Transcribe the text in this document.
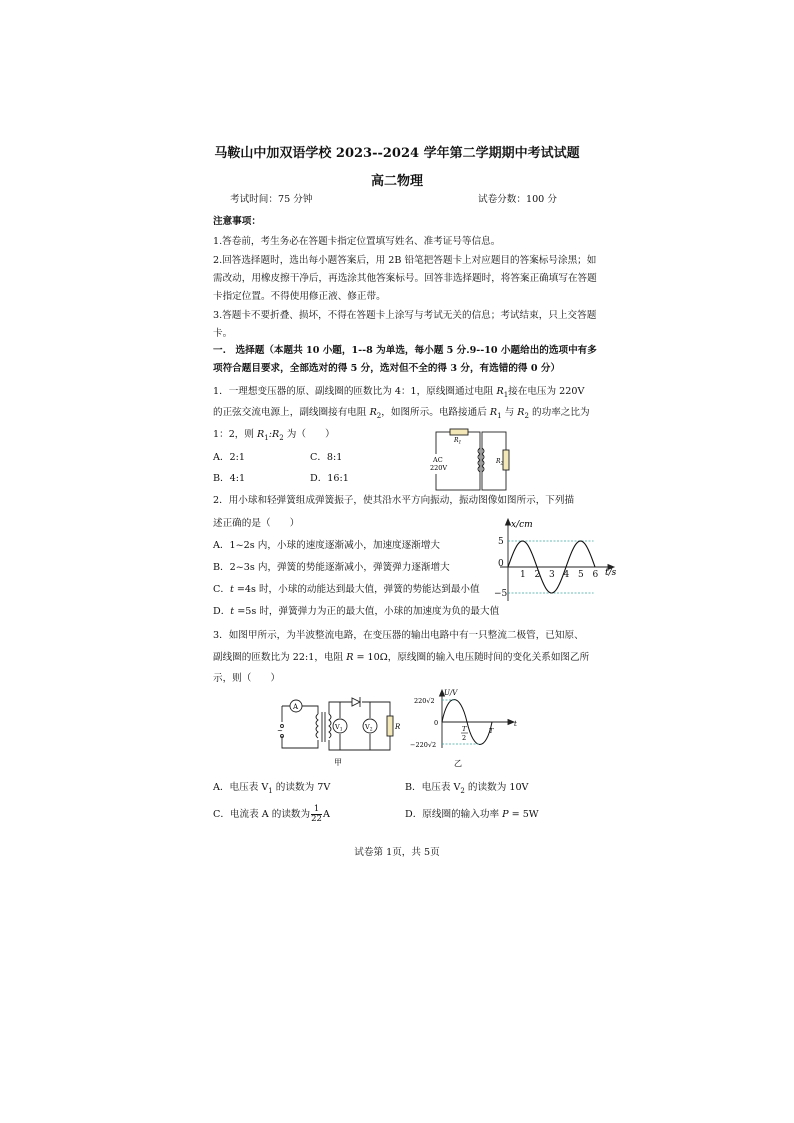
马鞍山中加双语学校 2023--2024 学年第二学期期中考试试题
高二物理
考试时间：75 分钟	试卷分数：100 分
注意事项：
1.答卷前，考生务必在答题卡指定位置填写姓名、准考证号等信息。
2.回答选择题时，选出每小题答案后，用 2B 铅笔把答题卡上对应题目的答案标号涂黑；如
需改动，用橡皮擦干净后，再选涂其他答案标号。回答非选择题时，将答案正确填写在答题
卡指定位置。不得使用修正液、修正带。
3.答题卡不要折叠、损坏，不得在答题卡上涂写与考试无关的信息；考试结束，只上交答题
卡。
一.　选择题（本题共 10 小题，1--8 为单选，每小题 5 分.9--10 小题给出的选项中有多
项符合题目要求，全部选对的得 5 分，选对但不全的得 3 分，有选错的得 0 分）
1．一理想变压器的原、副线圈的匝数比为 4：1，原线圈通过电阻 $R_1$接在电压为 220V
的正弦交流电源上，副线圈接有电阻 $R_2$，如图所示。电路接通后 $R_1$ 与 $R_2$ 的功率之比为
1：2，则 $R_1:R_2$ 为（　　）
A．2:1	C．8:1
B．4:1	D．16:1
$R_1$
$R_2$
AC
220V
2．用小球和轻弹簧组成弹簧振子，使其沿水平方向振动，振动图像如图所示，下列描
述正确的是（　　）
A．1~2s 内，小球的速度逐渐减小，加速度逐渐增大
B．2~3s 内，弹簧的势能逐渐减小，弹簧弹力逐渐增大
C．t =4s 时，小球的动能达到最大值，弹簧的势能达到最小值
D．t =5s 时，弹簧弹力为正的最大值，小球的加速度为负的最大值
1 2 3 4 5 6
5
0
−5
x/cm
t/s
3．如图甲所示，为半波整流电路，在变压器的输出电路中有一只整流二极管，已知原、
副线圈的匝数比为 22:1，电阻 R = 10Ω，原线圈的输入电压随时间的变化关系如图乙所
示，则（　　）
A
~	$V_1$	$V_2$	R
甲
U/V
220√2
0
−220√2
T
2
T
t
乙
A．电压表 $V_1$ 的读数为 7V	B．电压表 $V_2$ 的读数为 10V
C．电流表 A 的读数为 $\frac{1}{22}$ A	D．原线圈的输入功率 P = 5W
试卷第 1页，共 5页
